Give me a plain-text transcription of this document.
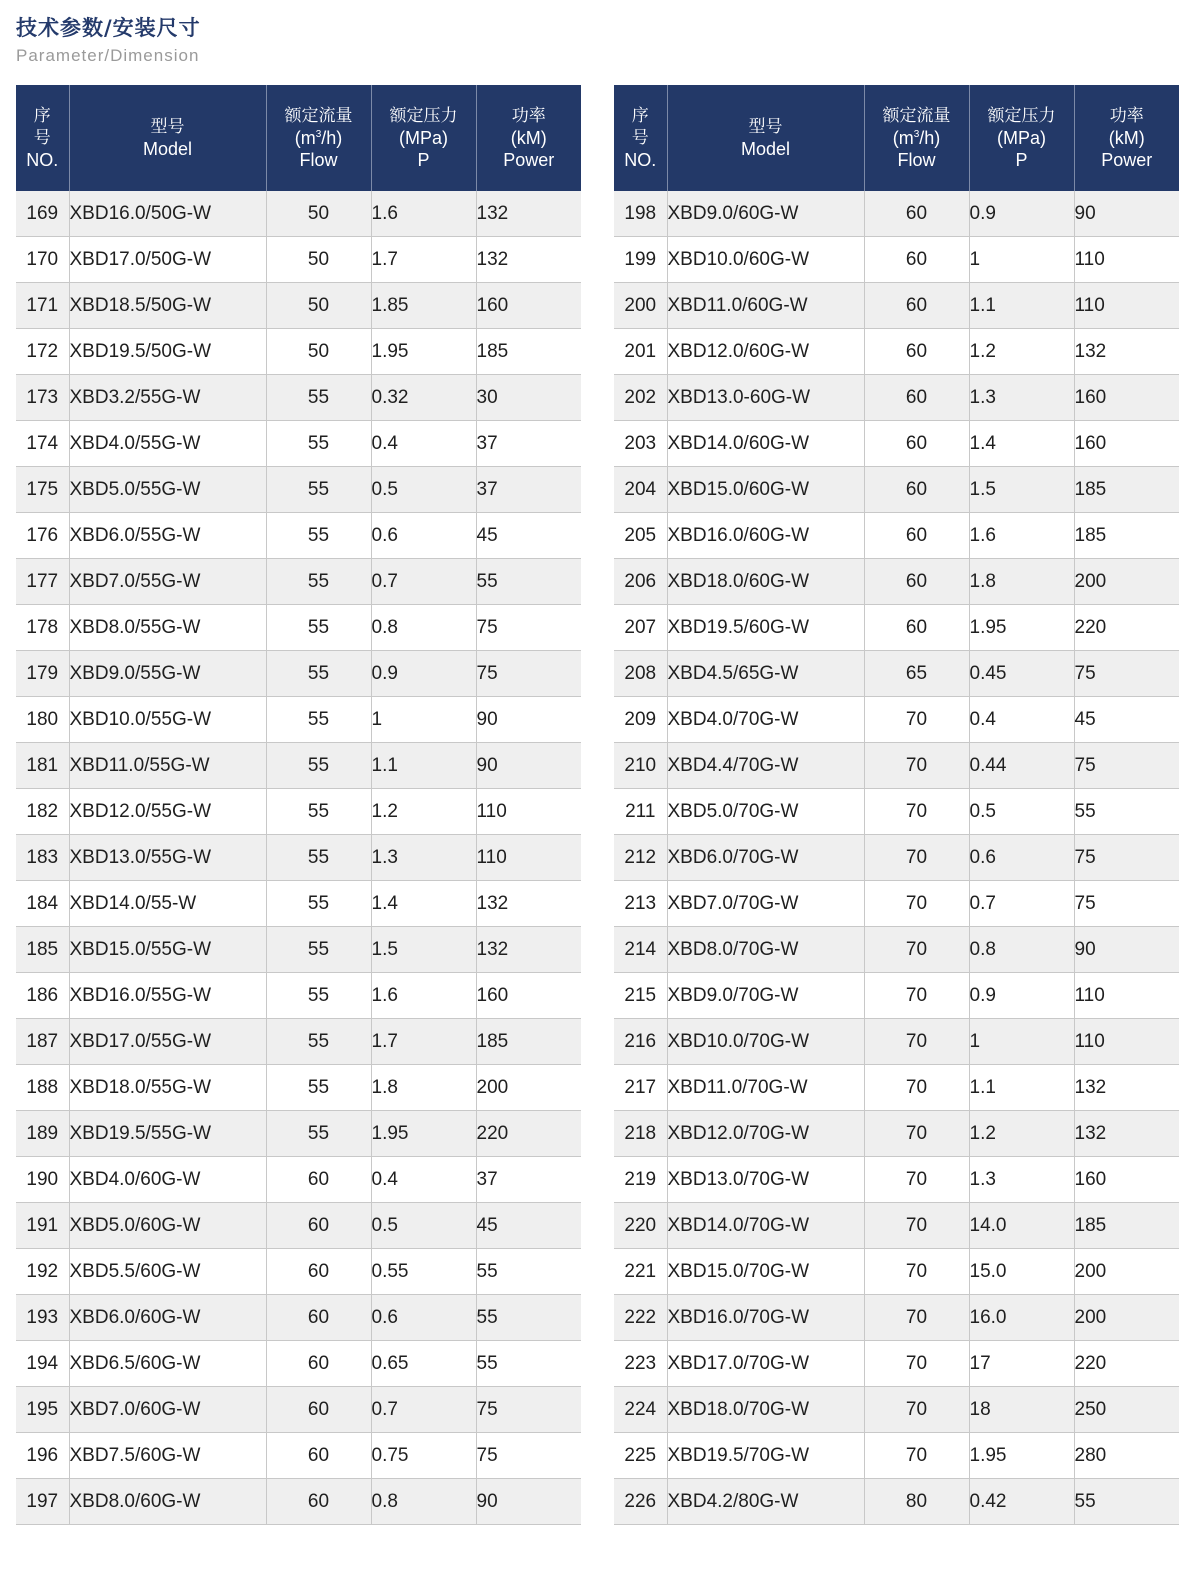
技术参数/安装尺寸
Parameter/Dimension
序
号
NO.	型号
Model	额定流量
$(m^3/h)$
Flow	额定压力
(MPa)
P	功率
(kM)
Power

169	XBD16.0/50G-W	50	1.6	132
170	XBD17.0/50G-W	50	1.7	132
171	XBD18.5/50G-W	50	1.85	160
172	XBD19.5/50G-W	50	1.95	185
173	XBD3.2/55G-W	55	0.32	30
174	XBD4.0/55G-W	55	0.4	37
175	XBD5.0/55G-W	55	0.5	37
176	XBD6.0/55G-W	55	0.6	45
177	XBD7.0/55G-W	55	0.7	55
178	XBD8.0/55G-W	55	0.8	75
179	XBD9.0/55G-W	55	0.9	75
180	XBD10.0/55G-W	55	1	90
181	XBD11.0/55G-W	55	1.1	90
182	XBD12.0/55G-W	55	1.2	110
183	XBD13.0/55G-W	55	1.3	110
184	XBD14.0/55-W	55	1.4	132
185	XBD15.0/55G-W	55	1.5	132
186	XBD16.0/55G-W	55	1.6	160
187	XBD17.0/55G-W	55	1.7	185
188	XBD18.0/55G-W	55	1.8	200
189	XBD19.5/55G-W	55	1.95	220
190	XBD4.0/60G-W	60	0.4	37
191	XBD5.0/60G-W	60	0.5	45
192	XBD5.5/60G-W	60	0.55	55
193	XBD6.0/60G-W	60	0.6	55
194	XBD6.5/60G-W	60	0.65	55
195	XBD7.0/60G-W	60	0.7	75
196	XBD7.5/60G-W	60	0.75	75
197	XBD8.0/60G-W	60	0.8	90
序
号
NO.	型号
Model	额定流量
$(m^3/h)$
Flow	额定压力
(MPa)
P	功率
(kM)
Power

198	XBD9.0/60G-W	60	0.9	90
199	XBD10.0/60G-W	60	1	110
200	XBD11.0/60G-W	60	1.1	110
201	XBD12.0/60G-W	60	1.2	132
202	XBD13.0-60G-W	60	1.3	160
203	XBD14.0/60G-W	60	1.4	160
204	XBD15.0/60G-W	60	1.5	185
205	XBD16.0/60G-W	60	1.6	185
206	XBD18.0/60G-W	60	1.8	200
207	XBD19.5/60G-W	60	1.95	220
208	XBD4.5/65G-W	65	0.45	75
209	XBD4.0/70G-W	70	0.4	45
210	XBD4.4/70G-W	70	0.44	75
211	XBD5.0/70G-W	70	0.5	55
212	XBD6.0/70G-W	70	0.6	75
213	XBD7.0/70G-W	70	0.7	75
214	XBD8.0/70G-W	70	0.8	90
215	XBD9.0/70G-W	70	0.9	110
216	XBD10.0/70G-W	70	1	110
217	XBD11.0/70G-W	70	1.1	132
218	XBD12.0/70G-W	70	1.2	132
219	XBD13.0/70G-W	70	1.3	160
220	XBD14.0/70G-W	70	14.0	185
221	XBD15.0/70G-W	70	15.0	200
222	XBD16.0/70G-W	70	16.0	200
223	XBD17.0/70G-W	70	17	220
224	XBD18.0/70G-W	70	18	250
225	XBD19.5/70G-W	70	1.95	280
226	XBD4.2/80G-W	80	0.42	55
